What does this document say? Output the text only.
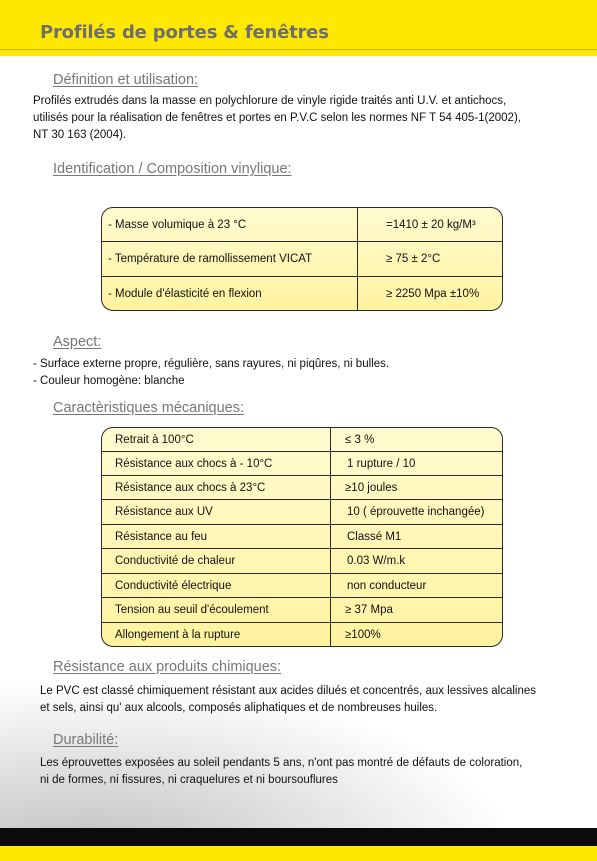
Profilés de portes & fenêtres
Définition et utilisation:
Profilés extrudés dans la masse en polychlorure de vinyle rigide traités anti U.V. et antichocs,
utilisés pour la réalisation de fenêtres et portes en P.V.C selon les normes NF T 54 405-1(2002),
NT 30 163 (2004).
Identification / Composition vinylique:
- Masse volumique à 23 °C	=1410 ± 20 kg/M³
- Température de ramollissement VICAT	≥ 75 ± 2°C
- Module d'élasticité en flexion	≥ 2250 Mpa ±10%
Aspect:
- Surface externe propre, régulière, sans rayures, ni piqûres, ni bulles.
- Couleur homogène: blanche
Caractèristiques mécaniques:
Retrait à 100°C	≤ 3 %
Résistance aux chocs à - 10°C	1 rupture / 10
Résistance aux chocs à 23°C	≥10 joules
Résistance aux UV	10 ( éprouvette inchangée)
Résistance au feu	Classé M1
Conductivité de chaleur	0.03 W/m.k
Conductivité électrique	non conducteur
Tension au seuil d'écoulement	≥ 37 Mpa
Allongement à la rupture	≥100%
Résistance aux produits chimiques:
Le PVC est classé chimiquement résistant aux acides dilués et concentrés, aux lessives alcalines
et sels, ainsi qu' aux alcools, composés aliphatiques et de nombreuses huiles.
Durabilité:
Les éprouvettes exposées au soleil pendants 5 ans, n'ont pas montré de défauts de coloration,
ni de formes, ni fissures, ni craquelures et ni boursouflures
